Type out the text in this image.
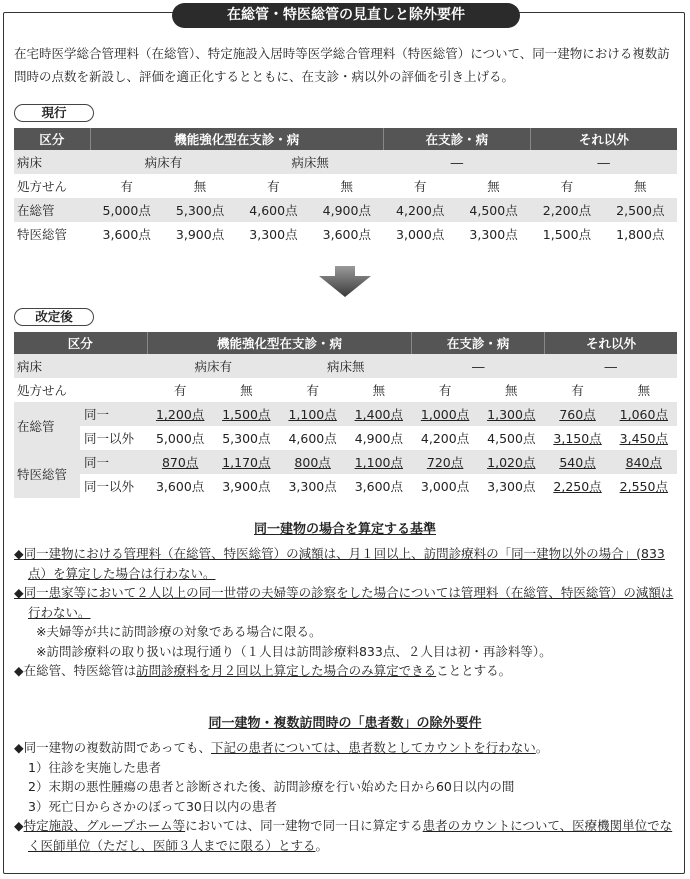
在総管・特医総管の見直しと除外要件
在宅時医学総合管理料（在総管）、特定施設入居時等医学総合管理料（特医総管）について、同一建物における複数訪問時の点数を新設し、評価を適正化するとともに、在支診・病以外の評価を引き上げる。
現行
区分	機能強化型在支診・病				在支診・病		それ以外	
病床	病床有		病床無		―		―	
処方せん	有	無	有	無	有	無	有	無
在総管	5,000点	5,300点	4,600点	4,900点	4,200点	4,500点	2,200点	2,500点
特医総管	3,600点	3,900点	3,300点	3,600点	3,000点	3,300点	1,500点	1,800点
改定後
区分		機能強化型在支診・病				在支診・病		それ以外	
病床		病床有		病床無		―		―	
処方せん		有	無	有	無	有	無	有	無
在総管	同一	1,200点	1,500点	1,100点	1,400点	1,000点	1,300点	760点	1,060点
	同一以外	5,000点	5,300点	4,600点	4,900点	4,200点	4,500点	3,150点	3,450点
特医総管	同一	870点	1,170点	800点	1,100点	720点	1,020点	540点	840点
	同一以外	3,600点	3,900点	3,300点	3,600点	3,000点	3,300点	2,250点	2,550点
同一建物の場合を算定する基準
◆同一建物における管理料（在総管、特医総管）の減額は、月１回以上、訪問診療料の「同一建物以外の場合」(833点）を算定した場合は行わない。
◆同一患家等において２人以上の同一世帯の夫婦等の診察をした場合については管理料（在総管、特医総管）の減額は行わない。
※夫婦等が共に訪問診療の対象である場合に限る。
※訪問診療料の取り扱いは現行通り（１人目は訪問診療料833点、２人目は初・再診料等）。
◆在総管、特医総管は訪問診療料を月２回以上算定した場合のみ算定できることとする。
同一建物・複数訪問時の「患者数」の除外要件
◆同一建物の複数訪問であっても、下記の患者については、患者数としてカウントを行わない。
1）往診を実施した患者
2）末期の悪性腫瘍の患者と診断された後、訪問診療を行い始めた日から60日以内の間
3）死亡日からさかのぼって30日以内の患者
◆特定施設、グループホーム等においては、同一建物で同一日に算定する患者のカウントについて、医療機関単位でなく医師単位（ただし、医師３人までに限る）とする。
